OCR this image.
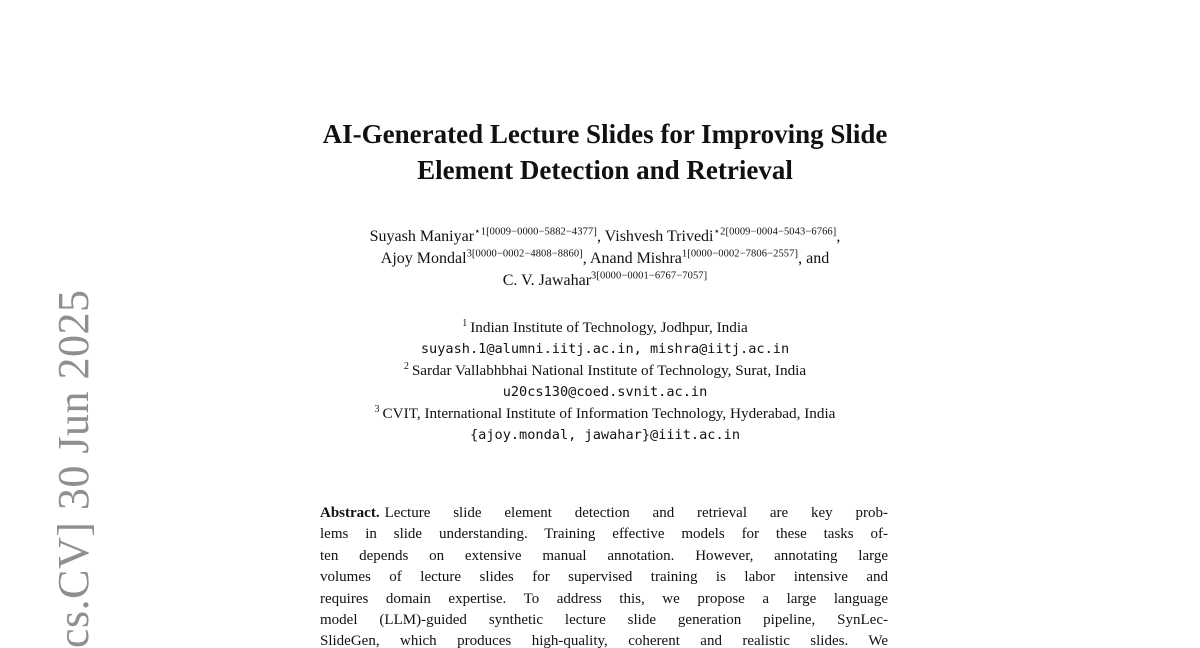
cs.CV] 30 Jun 2025
AI-Generated Lecture Slides for Improving Slide
Element Detection and Retrieval
Suyash Maniyar$^{⋆1[0009-0000-5882-4377]}$, Vishvesh Trivedi$^{⋆2[0009-0004-5043-6766]}$,
Ajoy Mondal$^{3[0000-0002-4808-8860]}$, Anand Mishra$^{1[0000-0002-7806-2557]}$, and
C. V. Jawahar$^{3[0000-0001-6767-7057]}$
$^1$ Indian Institute of Technology, Jodhpur, India
suyash.1@alumni.iitj.ac.in, mishra@iitj.ac.in
$^2$ Sardar Vallabhbhai National Institute of Technology, Surat, India
u20cs130@coed.svnit.ac.in
$^3$ CVIT, International Institute of Information Technology, Hyderabad, India
{ajoy.mondal, jawahar}@iiit.ac.in
Abstract. Lecture slide element detection and retrieval are key prob-
lems in slide understanding. Training effective models for these tasks of-
ten depends on extensive manual annotation. However, annotating large
volumes of lecture slides for supervised training is labor intensive and
requires domain expertise. To address this, we propose a large language
model (LLM)-guided synthetic lecture slide generation pipeline, SynLec-
SlideGen, which produces high-quality, coherent and realistic slides. We
